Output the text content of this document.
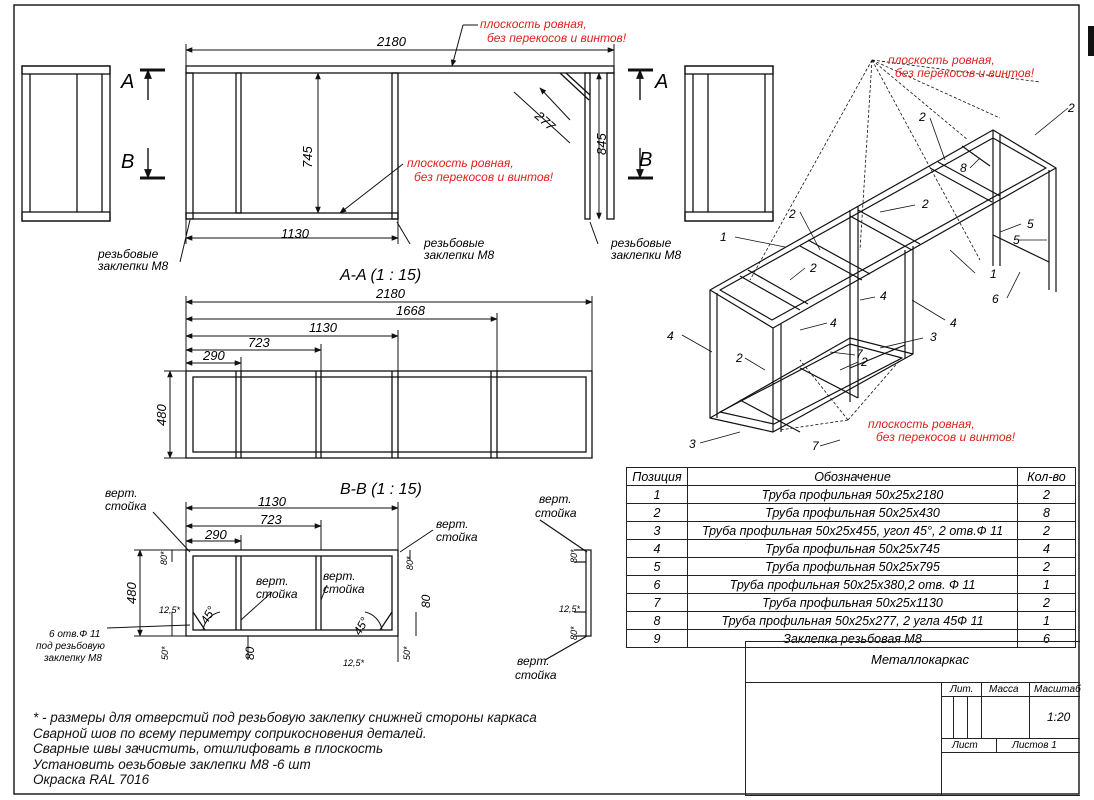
A
B
2180
745
1130
845
277
плоскость ровная,
без перекосов и винтов!
плоскость ровная,
без перекосов и винтов!
резьбовые
заклепки М8
резьбовые
заклепки М8
резьбовые
заклепки М8
A
B
A-A (1 : 15)
2180
1668
1130
723
290
480
B-B (1 : 15)
1130
723
290
480
80*
80
12,5*
50*
45°	45°
80*
80	50*
12,5*
верт.
стойка
верт.
стойка
верт.
стойка
верт.
стойка
6 отв.Ф 11
под резьбовую
заклепку М8
верт.
стойка
80*
12,5*
80*
верт.
стойка
плоскость ровная,
без перекосов и винтов!
плоскость ровная,
без перекосов и винтов!
1
2
2
2
2
2
2	2
8
3
3
4
4
4	4
5
5
6
7
7
1
Позиция	Обозначение	Кол-во
1	Труба профильная 50х25х2180	2
2	Труба профильная 50х25х430	8
3	Труба профильная 50х25х455, угол 45°, 2 отв.Ф 11	2
4	Труба профильная 50х25х745	4
5	Труба профильная 50х25х795	2
6	Труба профильная 50х25х380,2 отв. Ф 11	1
7	Труба профильная 50х25х1130	2
8	Труба профильная 50х25х277, 2 угла 45Ф 11	1
9	Заклепка резьбовая М8	6
Металлокаркас
Лит. Масса Масштаб
1:20
Лист	Листов 1
* - размеры для отверстий под резьбовую заклепку снижней стороны каркаса
Сварной шов по всему периметру соприкосновения деталей.
Сварные швы зачистить, отшлифовать в плоскость
Установить оезьбовые заклепки М8 -6 шт
Окраска RAL 7016
